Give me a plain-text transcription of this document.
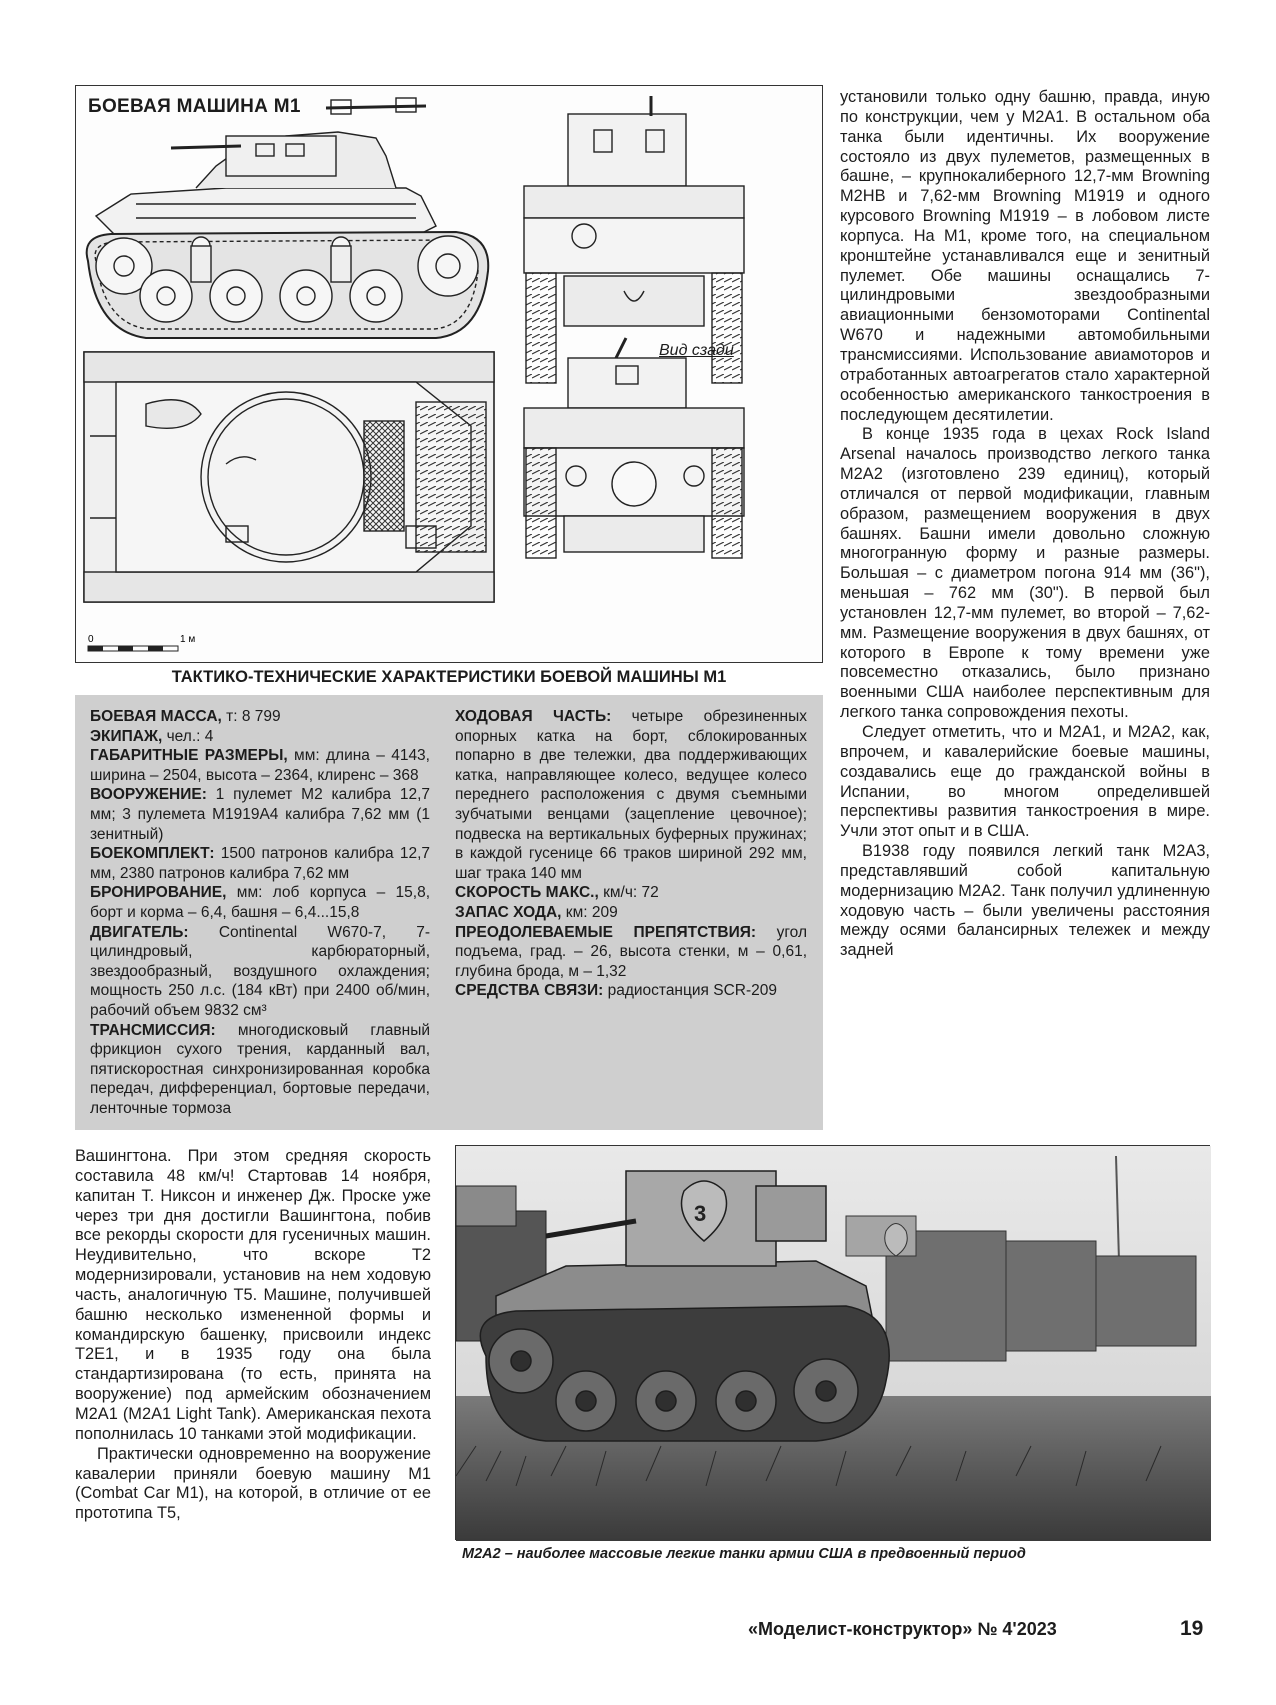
БОЕВАЯ МАШИНА М1
Вид сзади
0	1 м
ТАКТИКО-ТЕХНИЧЕСКИЕ ХАРАКТЕРИСТИКИ БОЕВОЙ МАШИНЫ М1

БОЕВАЯ МАССА, т: 8 799

ЭКИПАЖ, чел.: 4

ГАБАРИТНЫЕ РАЗМЕРЫ, мм: длина – 4143, ширина – 2504, высота – 2364, клиренс – 368

ВООРУЖЕНИЕ: 1 пулемет М2 калибра 12,7 мм; 3 пулемета М1919А4 калибра 7,62 мм (1 зенитный)

БОЕКОМПЛЕКТ: 1500 патронов калибра 12,7 мм, 2380 патронов калибра 7,62 мм

БРОНИРОВАНИЕ, мм: лоб корпуса – 15,8, борт и корма – 6,4, башня – 6,4...15,8

ДВИГАТЕЛЬ: Continental W670-7, 7-цилиндровый, карбюраторный, звездообразный, воздушного охлаждения; мощность 250 л.с. (184 кВт) при 2400 об/мин, рабочий объем 9832 см³

ТРАНСМИССИЯ: многодисковый главный фрикцион сухого трения, карданный вал, пятискоростная синхронизированная коробка передач, дифференциал, бортовые передачи, ленточные тормоза

ХОДОВАЯ ЧАСТЬ: четыре обрезиненных опорных катка на борт, сблокированных попарно в две тележки, два поддерживающих катка, направляющее колесо, ведущее колесо переднего расположения с двумя съемными зубчатыми венцами (зацепление цевочное); подвеска на вертикальных буферных пружинах; в каждой гусенице 66 траков шириной 292 мм, шаг трака 140 мм

СКОРОСТЬ МАКС., км/ч: 72

ЗАПАС ХОДА, км: 209

ПРЕОДОЛЕВАЕМЫЕ ПРЕПЯТСТВИЯ: угол подъема, град. – 26, высота стенки, м – 0,61, глубина брода, м – 1,32

СРЕДСТВА СВЯЗИ: радиостанция SCR-209

установили только одну башню, правда, иную по конструкции, чем у М2А1. В остальном оба танка были идентичны. Их вооружение состояло из двух пулеметов, размещенных в башне, – крупнокалиберного 12,7-мм Browning M2HB и 7,62-мм Browning M1919 и одного курсового Browning M1919 – в лобовом листе корпуса. На М1, кроме того, на специальном кронштейне устанавливался еще и зенитный пулемет. Обе машины оснащались 7-цилиндровыми звездообразными авиационными бензомоторами Continental W670 и надежными автомобильными трансмиссиями. Использование авиамоторов и отработанных автоагрегатов стало характерной особенностью американского танкостроения в последующем десятилетии.

В конце 1935 года в цехах Rock Island Arsenal началось производство легкого танка М2А2 (изготовлено 239 единиц), который отличался от первой модификации, главным образом, размещением вооружения в двух башнях. Башни имели довольно сложную многогранную форму и разные размеры. Большая – с диаметром погона 914 мм (36"), меньшая – 762 мм (30"). В первой был установлен 12,7-мм пулемет, во второй – 7,62-мм. Размещение вооружения в двух башнях, от которого в Европе к тому времени уже повсеместно отказались, было признано военными США наиболее перспективным для легкого танка сопровождения пехоты.

Следует отметить, что и М2А1, и М2А2, как, впрочем, и кавалерийские боевые машины, создавались еще до гражданской войны в Испании, во многом определившей перспективы развития танкостроения в мире. Учли этот опыт и в США.

В1938 году появился легкий танк М2А3, представлявший собой капитальную модернизацию М2А2. Танк получил удлиненную ходовую часть – были увеличены расстояния между осями балансирных тележек и между задней

Вашингтона. При этом средняя скорость составила 48 км/ч! Стартовав 14 ноября, капитан Т. Никсон и инженер Дж. Проске уже через три дня достигли Вашингтона, побив все рекорды скорости для гусеничных машин. Неудивительно, что вскоре Т2 модернизировали, установив на нем ходовую часть, аналогичную Т5. Машине, получившей башню несколько измененной формы и командирскую башенку, присвоили индекс Т2Е1, и в 1935 году она была стандартизирована (то есть, принята на вооружение) под армейским обозначением М2А1 (M2A1 Light Tank). Американская пехота пополнилась 10 танками этой модификации.

Практически одновременно на вооружение кавалерии приняли боевую машину М1 (Combat Car M1), на которой, в отличие от ее прототипа Т5,

3
М2А2 – наиболее массовые легкие танки армии США в предвоенный период
«Моделист-конструктор» № 4'2023	19
